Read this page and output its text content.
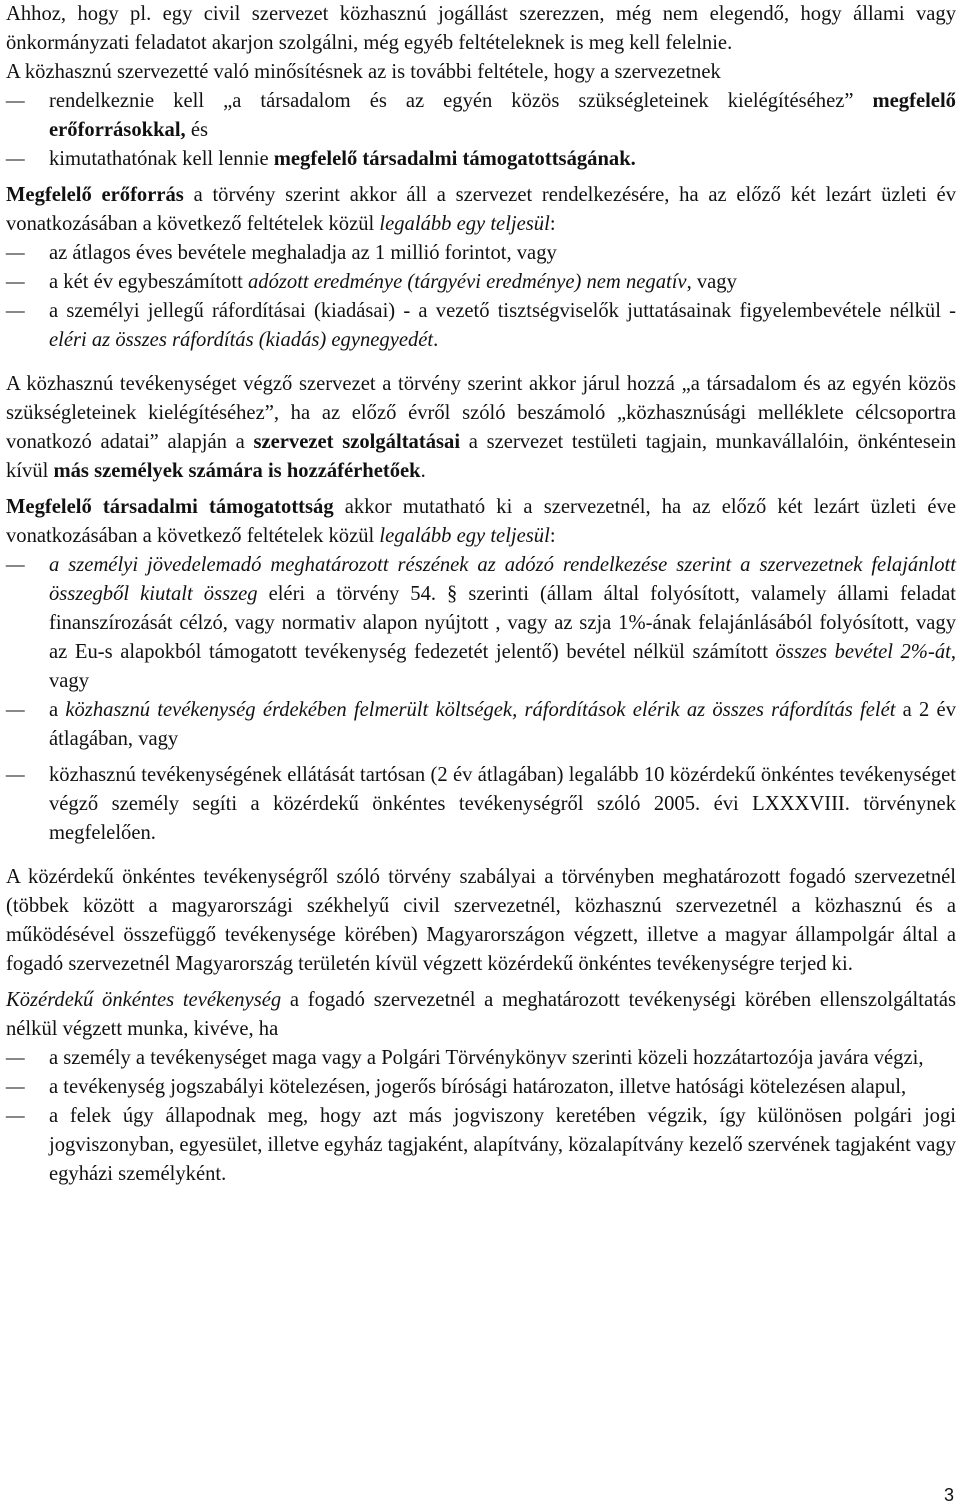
Ahhoz, hogy pl. egy civil szervezet közhasznú jogállást szerezzen, még nem elegendő, hogy állami vagy önkormányzati feladatot akarjon szolgálni, még egyéb feltételeknek is meg kell felelnie.

A közhasznú szervezetté való minősítésnek az is további feltétele, hogy a szervezetnek

– rendelkeznie kell „a társadalom és az egyén közös szükségleteinek kielégítéséhez” megfelelő erőforrásokkal, és
– kimutathatónak kell lennie megfelelő társadalmi támogatottságának.

Megfelelő erőforrás a törvény szerint akkor áll a szervezet rendelkezésére, ha az előző két lezárt üzleti év vonatkozásában a következő feltételek közül legalább egy teljesül:

– az átlagos éves bevétele meghaladja az 1 millió forintot, vagy
– a két év egybeszámított adózott eredménye (tárgyévi eredménye) nem negatív, vagy
– a személyi jellegű ráfordításai (kiadásai) - a vezető tisztségviselők juttatásainak figyelembevétele nélkül - eléri az összes ráfordítás (kiadás) egynegyedét.

A közhasznú tevékenységet végző szervezet a törvény szerint akkor járul hozzá „a társadalom és az egyén közös szükségleteinek kielégítéséhez”, ha az előző évről szóló beszámoló „közhasznúsági melléklete célcsoportra vonatkozó adatai” alapján a szervezet szolgáltatásai a szervezet testületi tagjain, munkavállalóin, önkéntesein kívül más személyek számára is hozzáférhetőek.

Megfelelő társadalmi támogatottság akkor mutatható ki a szervezetnél, ha az előző két lezárt üzleti éve vonatkozásában a következő feltételek közül legalább egy teljesül:

– a személyi jövedelemadó meghatározott részének az adózó rendelkezése szerint a szervezetnek felajánlott összegből kiutalt összeg eléri a törvény 54. § szerinti (állam által folyósított, valamely állami feladat finanszírozását célzó, vagy normativ alapon nyújtott , vagy az szja 1%-ának felajánlásából folyósított, vagy az Eu-s alapokból támogatott tevékenység fedezetét jelentő) bevétel nélkül számított összes bevétel 2%-át, vagy
– a közhasznú tevékenység érdekében felmerült költségek, ráfordítások elérik az összes ráfordítás felét a 2 év átlagában, vagy
– közhasznú tevékenységének ellátását tartósan (2 év átlagában) legalább 10 közérdekű önkéntes tevékenységet végző személy segíti a közérdekű önkéntes tevékenységről szóló 2005. évi LXXXVIII. törvénynek megfelelően.

A közérdekű önkéntes tevékenységről szóló törvény szabályai a törvényben meghatározott fogadó szervezetnél (többek között a magyarországi székhelyű civil szervezetnél, közhasznú szervezetnél a közhasznú és a működésével összefüggő tevékenysége körében) Magyarországon végzett, illetve a magyar állampolgár által a fogadó szervezetnél Magyarország területén kívül végzett közérdekű önkéntes tevékenységre terjed ki.

Közérdekű önkéntes tevékenység a fogadó szervezetnél a meghatározott tevékenységi körében ellenszolgáltatás nélkül végzett munka, kivéve, ha

– a személy a tevékenységet maga vagy a Polgári Törvénykönyv szerinti közeli hozzátartozója javára végzi,
– a tevékenység jogszabályi kötelezésen, jogerős bírósági határozaton, illetve hatósági kötelezésen alapul,
– a felek úgy állapodnak meg, hogy azt más jogviszony keretében végzik, így különösen polgári jogi jogviszonyban, egyesület, illetve egyház tagjaként, alapítvány, közalapítvány kezelő szervének tagjaként vagy egyházi személyként.
3
